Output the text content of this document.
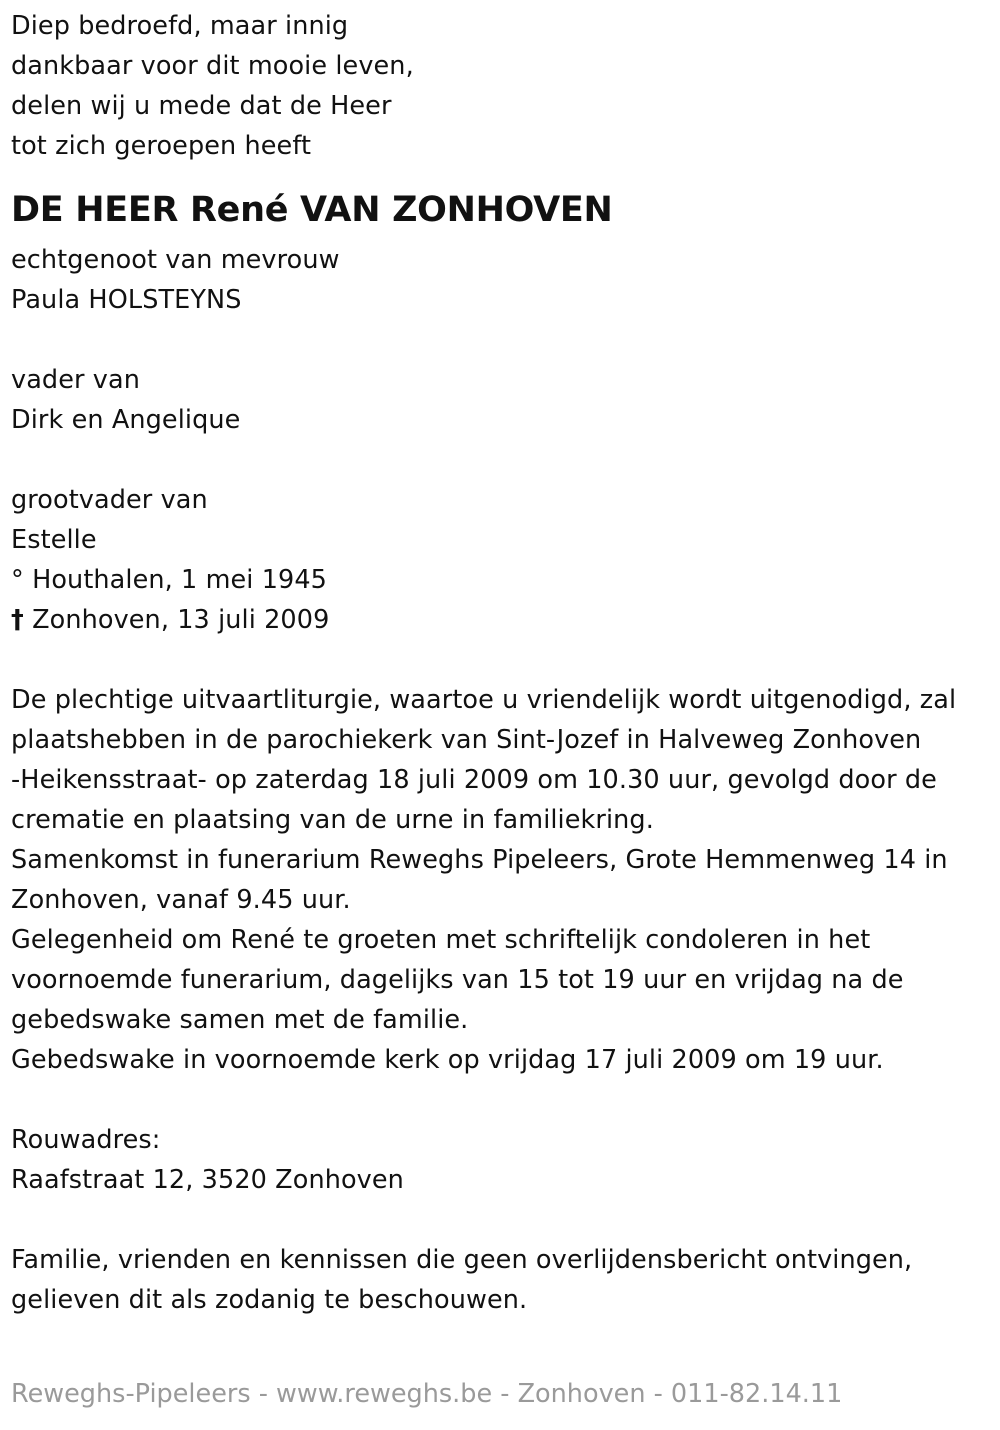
Diep bedroefd, maar innig
dankbaar voor dit mooie leven,
delen wij u mede dat de Heer
tot zich geroepen heeft
DE HEER René VAN ZONHOVEN
echtgenoot van mevrouw
Paula HOLSTEYNS
vader van
Dirk en Angelique
grootvader van
Estelle
° Houthalen, 1 mei 1945
† Zonhoven, 13 juli 2009
De plechtige uitvaartliturgie, waartoe u vriendelijk wordt uitgenodigd, zal
plaatshebben in de parochiekerk van Sint-Jozef in Halveweg Zonhoven
-Heikensstraat- op zaterdag 18 juli 2009 om 10.30 uur, gevolgd door de
crematie en plaatsing van de urne in familiekring.
Samenkomst in funerarium Reweghs Pipeleers, Grote Hemmenweg 14 in
Zonhoven, vanaf 9.45 uur.
Gelegenheid om René te groeten met schriftelijk condoleren in het
voornoemde funerarium, dagelijks van 15 tot 19 uur en vrijdag na de
gebedswake samen met de familie.
Gebedswake in voornoemde kerk op vrijdag 17 juli 2009 om 19 uur.
Rouwadres:
Raafstraat 12, 3520 Zonhoven
Familie, vrienden en kennissen die geen overlijdensbericht ontvingen,
gelieven dit als zodanig te beschouwen.
Reweghs-Pipeleers - www.reweghs.be - Zonhoven - 011-82.14.11
